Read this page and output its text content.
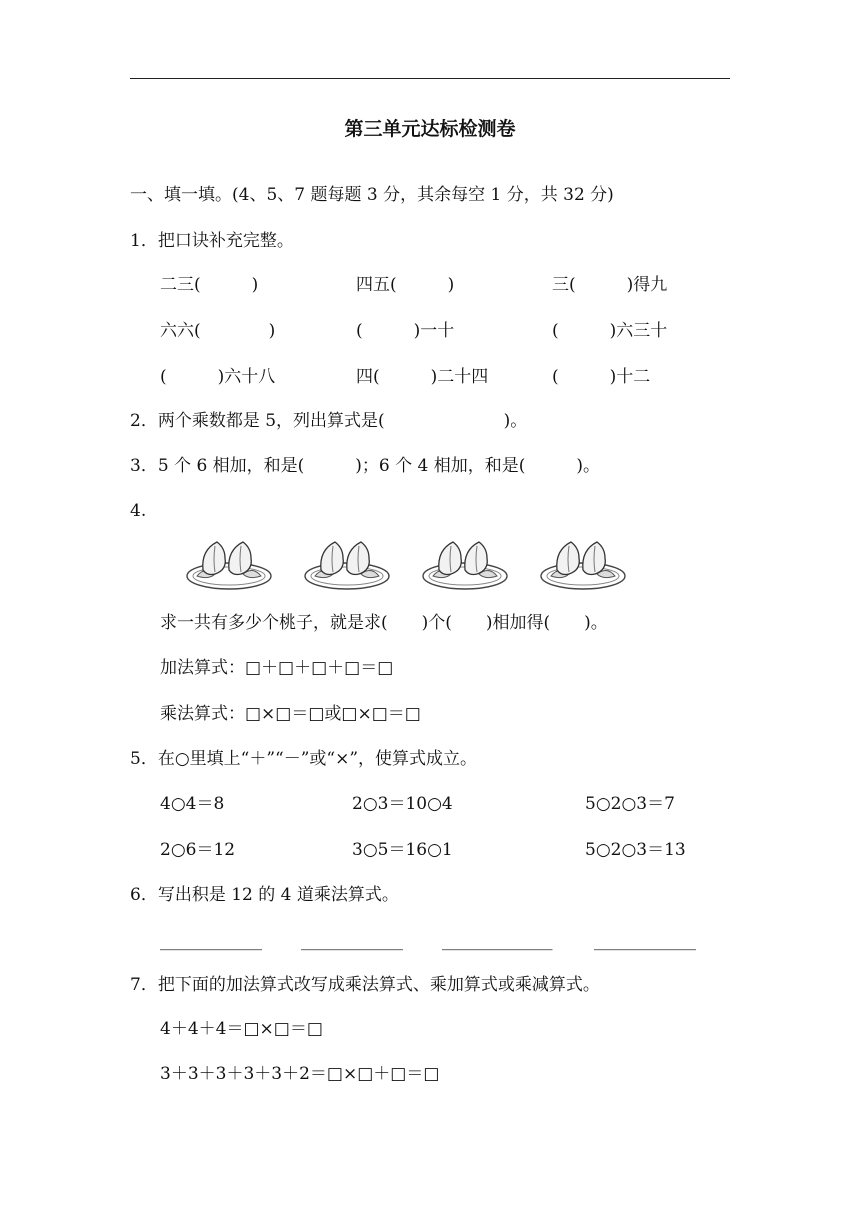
第三单元达标检测卷
一、填一填。(4、5、7 题每题 3 分，其余每空 1 分，共 32 分)
1．把口诀补充完整。
二三(　　　)	四五(　　　)	三(　　　)得九
六六(　　　　)	(　　　)一十	(　　　)六三十
(　　　)六十八	四(　　　)二十四	(　　　)十二
2．两个乘数都是 5，列出算式是(　　　　　　　)。
3．5 个 6 相加，和是(　　　)；6 个 4 相加，和是(　　　)。
4.
求一共有多少个桃子，就是求(　　)个(　　)相加得(　　)。
加法算式：□＋□＋□＋□＝□
乘法算式：□×□＝□或□×□＝□
5．在○里填上“＋”“－”或“×”，使算式成立。
4○4＝8	2○3＝10○4	5○2○3＝7
2○6＝12	3○5＝16○1	5○2○3＝13
6．写出积是 12 的 4 道乘法算式。
____________ ____________ _____________ ____________
7．把下面的加法算式改写成乘法算式、乘加算式或乘减算式。
4＋4＋4＝□×□＝□
3＋3＋3＋3＋3＋2＝□×□＋□＝□
